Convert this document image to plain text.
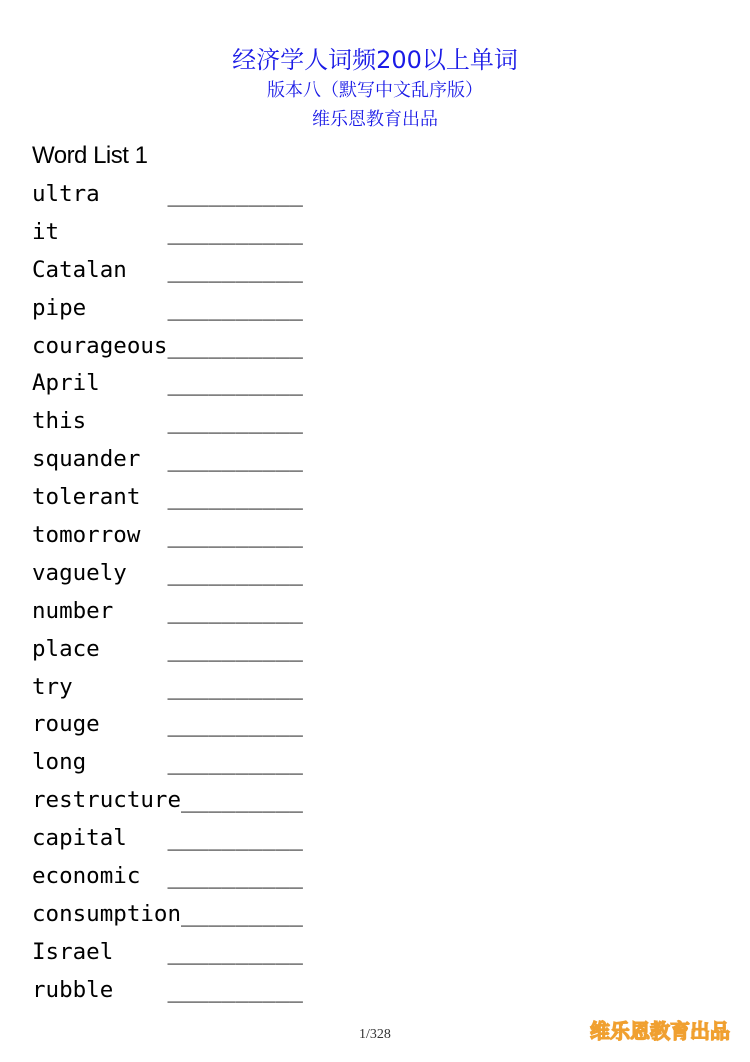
经济学人词频200以上单词
版本八（默写中文乱序版）
维乐恩教育出品
Word List 1
ultra     __________
it        __________
Catalan   __________
pipe      __________
courageous__________
April     __________
this      __________
squander  __________
tolerant  __________
tomorrow  __________
vaguely   __________
number    __________
place     __________
try       __________
rouge     __________
long      __________
restructure_________
capital   __________
economic  __________
consumption_________
Israel    __________
rubble    __________
1/328	维乐恩教育出品
